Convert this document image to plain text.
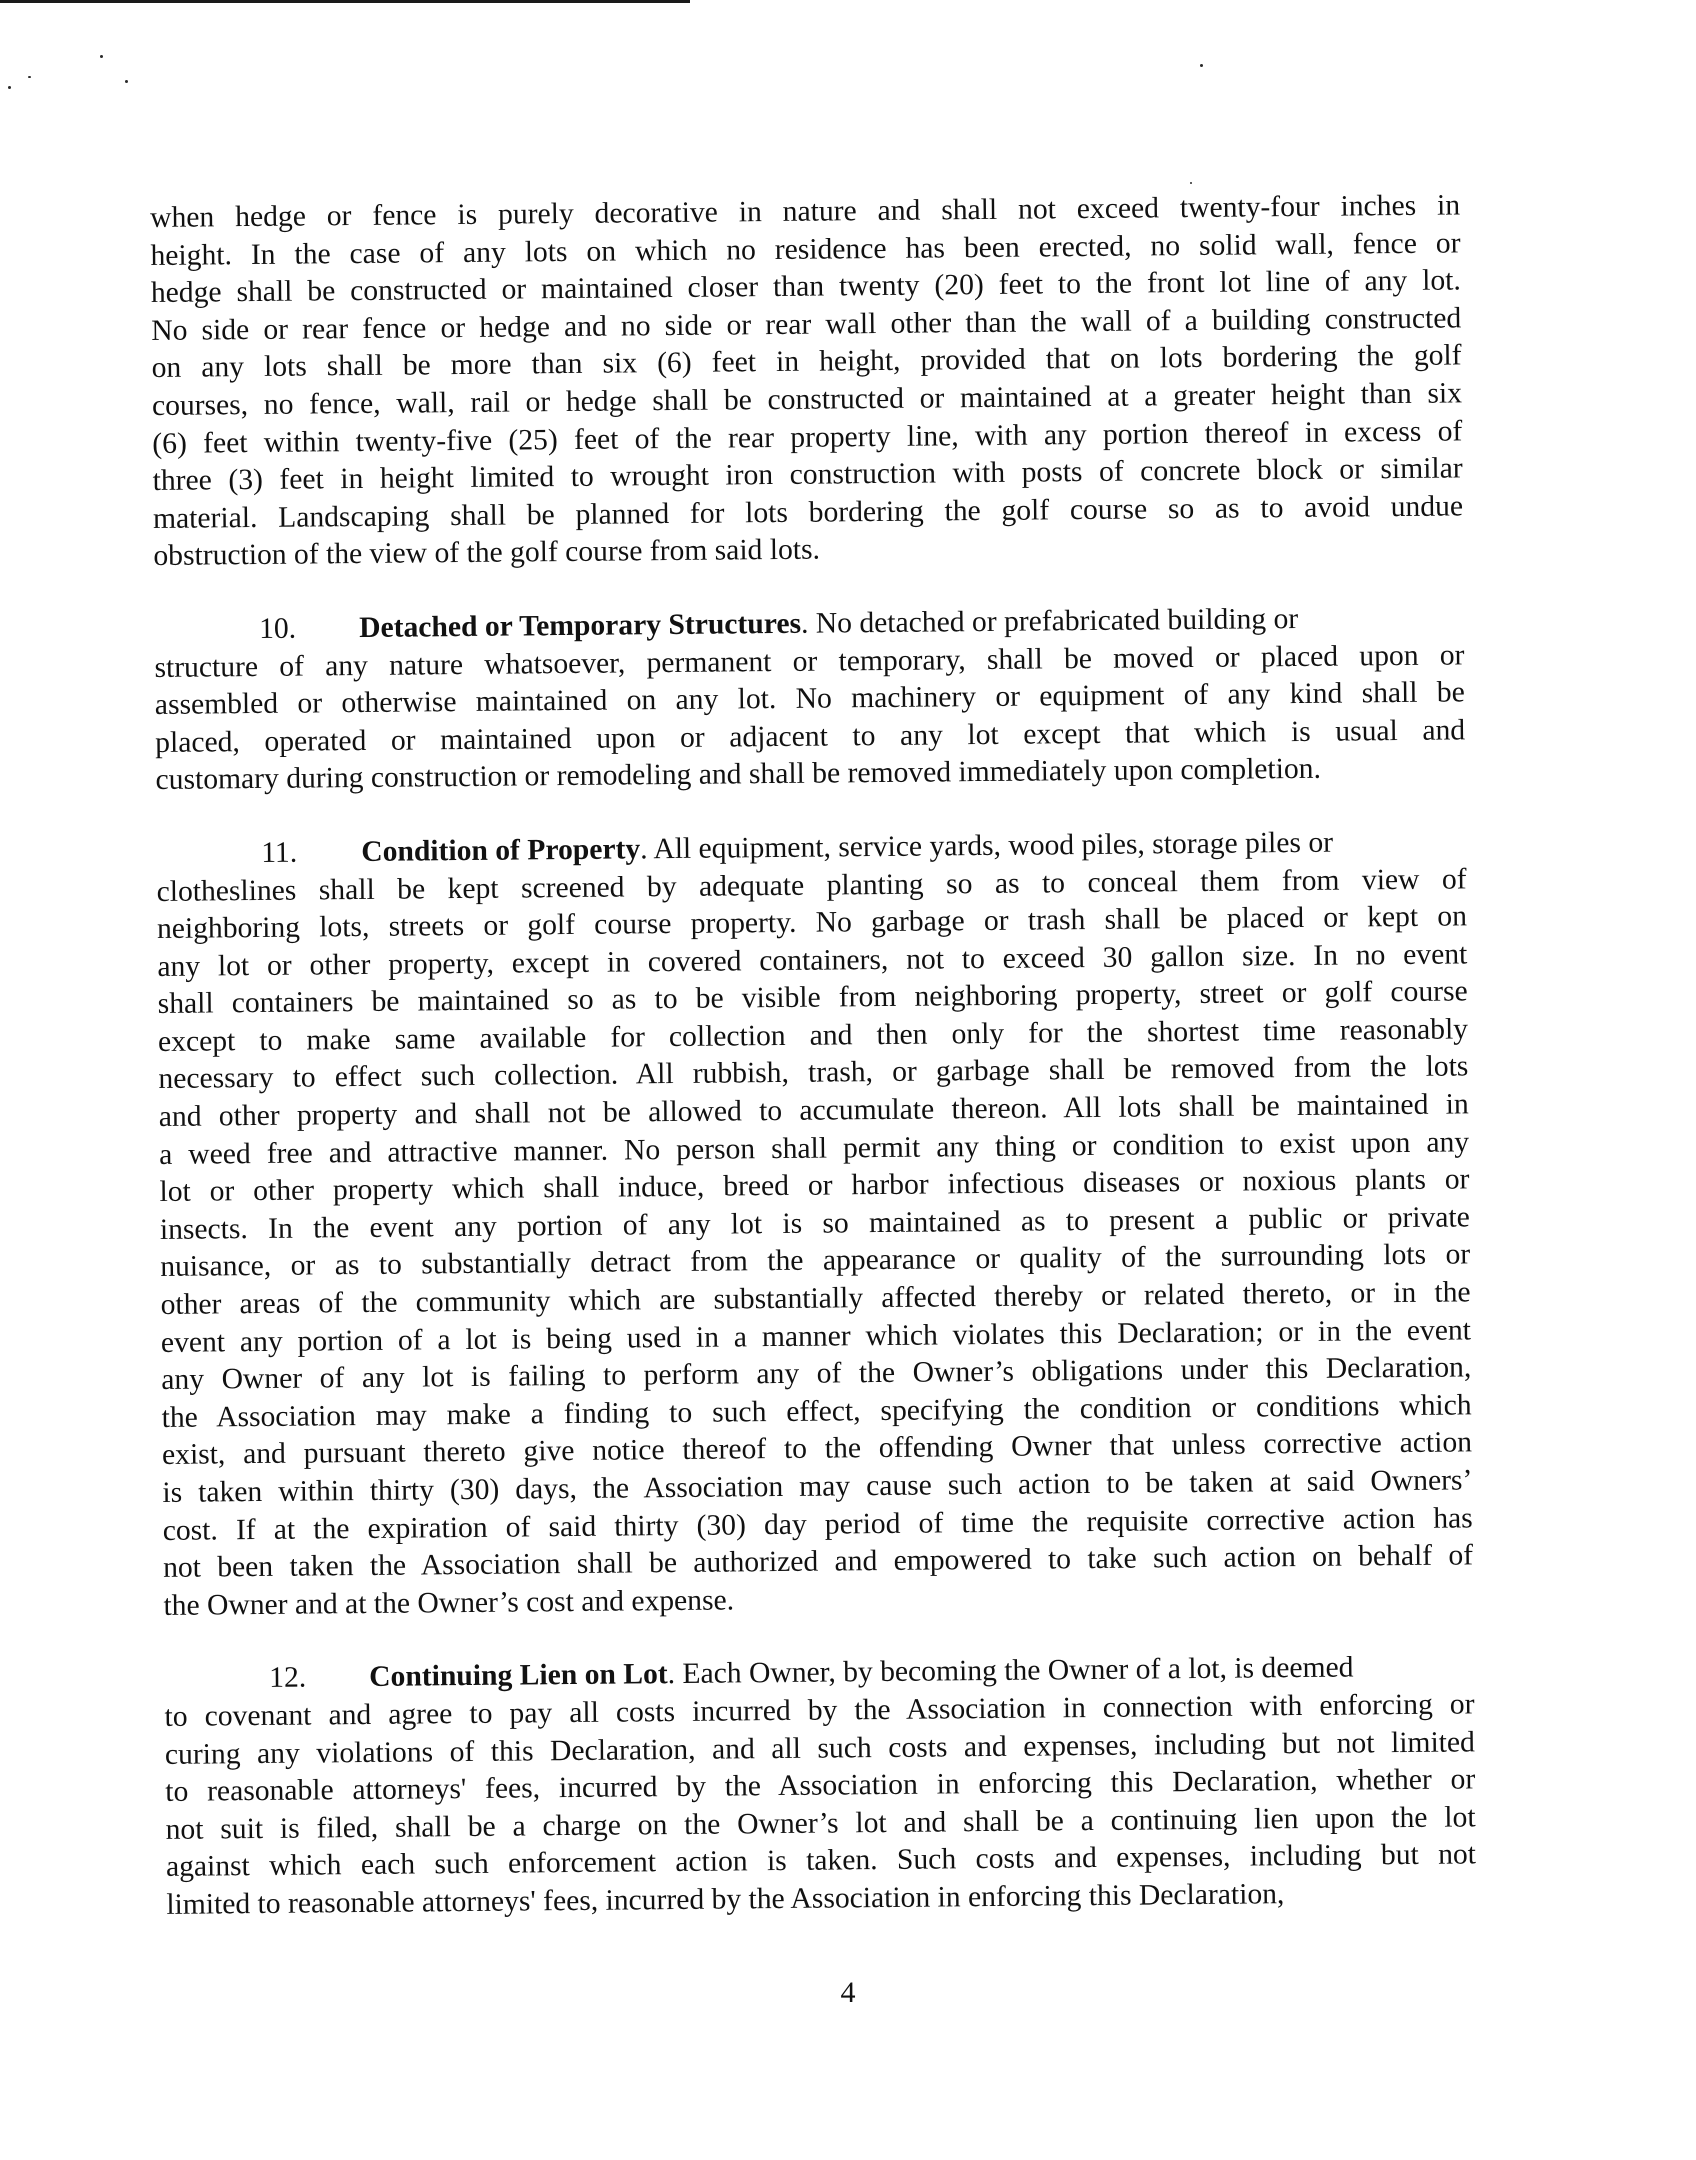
when hedge or fence is purely decorative in nature and shall not exceed twenty-four inches in
height. In the case of any lots on which no residence has been erected, no solid wall, fence or
hedge shall be constructed or maintained closer than twenty (20) feet to the front lot line of any lot.
No side or rear fence or hedge and no side or rear wall other than the wall of a building constructed
on any lots shall be more than six (6) feet in height, provided that on lots bordering the golf
courses, no fence, wall, rail or hedge shall be constructed or maintained at a greater height than six
(6) feet within twenty-five (25) feet of the rear property line, with any portion thereof in excess of
three (3) feet in height limited to wrought iron construction with posts of concrete block or similar
material. Landscaping shall be planned for lots bordering the golf course so as to avoid undue
obstruction of the view of the golf course from said lots.
10. Detached or Temporary Structures. No detached or prefabricated building or
structure of any nature whatsoever, permanent or temporary, shall be moved or placed upon or
assembled or otherwise maintained on any lot. No machinery or equipment of any kind shall be
placed, operated or maintained upon or adjacent to any lot except that which is usual and
customary during construction or remodeling and shall be removed immediately upon completion.
11. Condition of Property. All equipment, service yards, wood piles, storage piles or
clotheslines shall be kept screened by adequate planting so as to conceal them from view of
neighboring lots, streets or golf course property. No garbage or trash shall be placed or kept on
any lot or other property, except in covered containers, not to exceed 30 gallon size. In no event
shall containers be maintained so as to be visible from neighboring property, street or golf course
except to make same available for collection and then only for the shortest time reasonably
necessary to effect such collection. All rubbish, trash, or garbage shall be removed from the lots
and other property and shall not be allowed to accumulate thereon. All lots shall be maintained in
a weed free and attractive manner. No person shall permit any thing or condition to exist upon any
lot or other property which shall induce, breed or harbor infectious diseases or noxious plants or
insects. In the event any portion of any lot is so maintained as to present a public or private
nuisance, or as to substantially detract from the appearance or quality of the surrounding lots or
other areas of the community which are substantially affected thereby or related thereto, or in the
event any portion of a lot is being used in a manner which violates this Declaration; or in the event
any Owner of any lot is failing to perform any of the Owner’s obligations under this Declaration,
the Association may make a finding to such effect, specifying the condition or conditions which
exist, and pursuant thereto give notice thereof to the offending Owner that unless corrective action
is taken within thirty (30) days, the Association may cause such action to be taken at said Owners’
cost. If at the expiration of said thirty (30) day period of time the requisite corrective action has
not been taken the Association shall be authorized and empowered to take such action on behalf of
the Owner and at the Owner’s cost and expense.
12. Continuing Lien on Lot. Each Owner, by becoming the Owner of a lot, is deemed
to covenant and agree to pay all costs incurred by the Association in connection with enforcing or
curing any violations of this Declaration, and all such costs and expenses, including but not limited
to reasonable attorneys' fees, incurred by the Association in enforcing this Declaration, whether or
not suit is filed, shall be a charge on the Owner’s lot and shall be a continuing lien upon the lot
against which each such enforcement action is taken. Such costs and expenses, including but not
limited to reasonable attorneys' fees, incurred by the Association in enforcing this Declaration,
4
